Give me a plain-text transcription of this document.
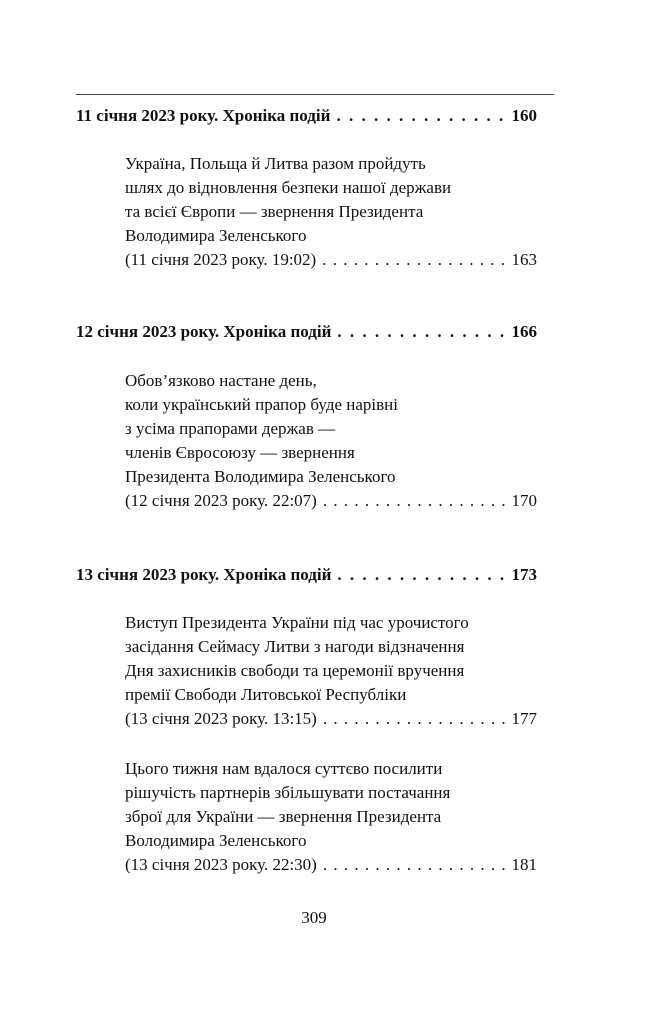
11 січня 2023 року. Хроніка подій . . .	160
Україна, Польща й Литва разом пройдуть
шлях до відновлення безпеки нашої держави
та всієї Європи — звернення Президента
Володимира Зеленського
(11 січня 2023 року. 19:02) . . .	163
12 січня 2023 року. Хроніка подій . . .	166
Обов’язково настане день,
коли український прапор буде нарівні
з усіма прапорами держав —
членів Євросоюзу — звернення
Президента Володимира Зеленського
(12 січня 2023 року. 22:07) . . .	170
13 січня 2023 року. Хроніка подій . . .	173
Виступ Президента України під час урочистого
засідання Сеймасу Литви з нагоди відзначення
Дня захисників свободи та церемонії вручення
премії Свободи Литовської Республіки
(13 січня 2023 року. 13:15) . . .	177
Цього тижня нам вдалося суттєво посилити
рішучість партнерів збільшувати постачання
зброї для України — звернення Президента
Володимира Зеленського
(13 січня 2023 року. 22:30) . . .	181
309
